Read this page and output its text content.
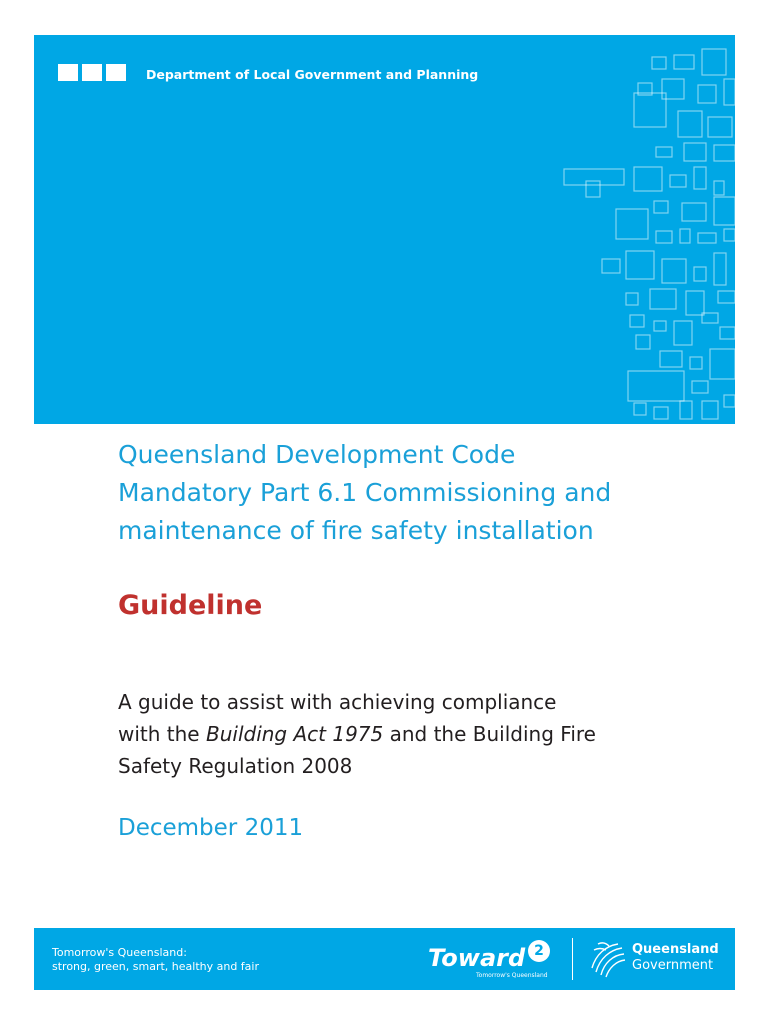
Department of Local Government and Planning
Queensland Development Code
Mandatory Part 6.1 Commissioning and
maintenance of fire safety installation
Guideline

A guide to assist with achieving compliance
with the Building Act 1975 and the Building Fire
Safety Regulation 2008

December 2011
Tomorrow's Queensland:
strong, green, smart, healthy and fair	Toward 2
Tomorrow's Queensland
Queensland
Government
